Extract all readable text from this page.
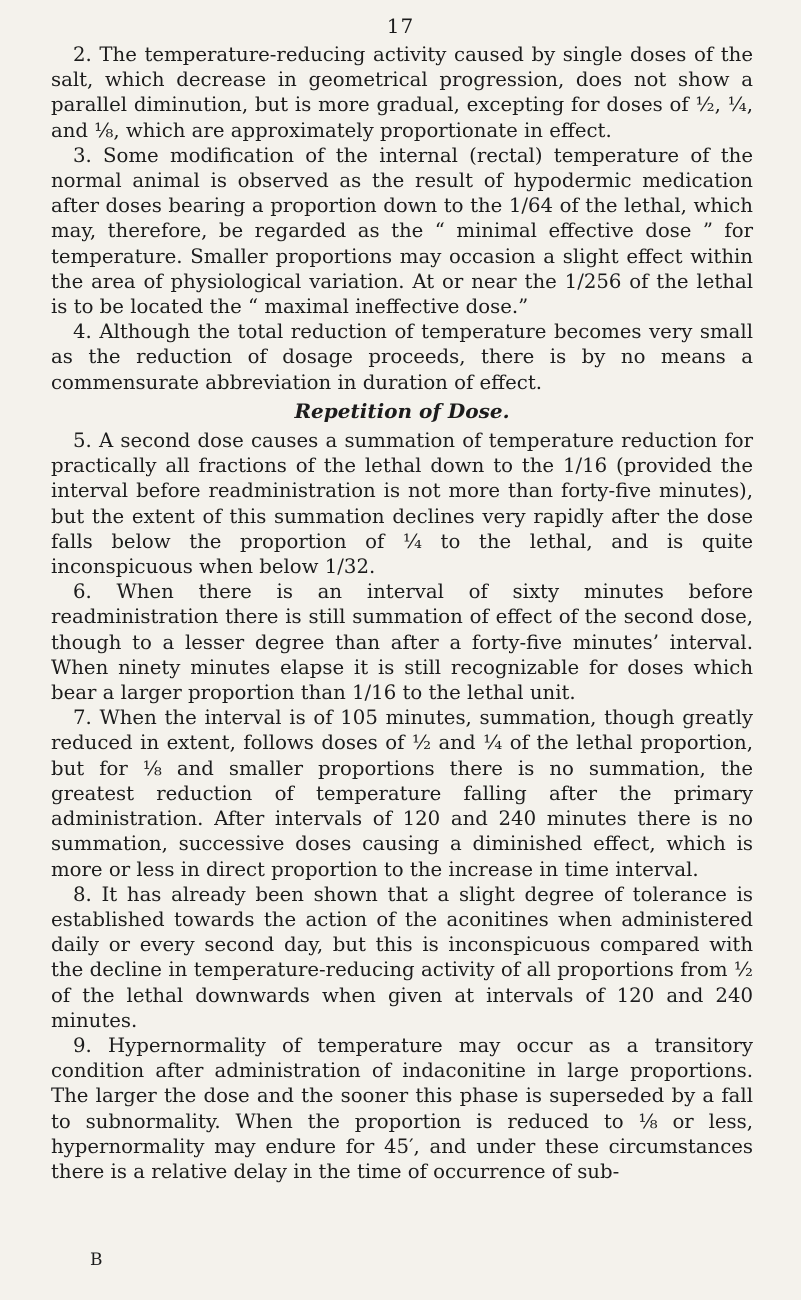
17

2. The temperature-reducing activity caused by single doses of the salt, which decrease in geometrical progression, does not show a parallel diminution, but is more gradual, excepting for doses of ½, ¼, and ⅛, which are approximately proportionate in effect.

3. Some modification of the internal (rectal) temperature of the normal animal is observed as the result of hypodermic medication after doses bearing a proportion down to the 1/64 of the lethal, which may, therefore, be regarded as the “ minimal effective dose ” for temperature. Smaller proportions may occasion a slight effect within the area of physiological variation. At or near the 1/256 of the lethal is to be located the “ maximal ineffective dose.”

4. Although the total reduction of temperature becomes very small as the reduction of dosage proceeds, there is by no means a commensurate abbreviation in duration of effect.

Repetition of Dose.

5. A second dose causes a summation of temperature reduction for practically all fractions of the lethal down to the 1/16 (provided the interval before readministration is not more than forty-five minutes), but the extent of this summation declines very rapidly after the dose falls below the proportion of ¼ to the lethal, and is quite inconspicuous when below 1/32.

6. When there is an interval of sixty minutes before readministration there is still summation of effect of the second dose, though to a lesser degree than after a forty-five minutes’ interval. When ninety minutes elapse it is still recognizable for doses which bear a larger proportion than 1/16 to the lethal unit.

7. When the interval is of 105 minutes, summation, though greatly reduced in extent, follows doses of ½ and ¼ of the lethal proportion, but for ⅛ and smaller proportions there is no summation, the greatest reduction of temperature falling after the primary administration. After intervals of 120 and 240 minutes there is no summation, successive doses causing a diminished effect, which is more or less in direct proportion to the increase in time interval.

8. It has already been shown that a slight degree of tolerance is established towards the action of the aconitines when administered daily or every second day, but this is inconspicuous compared with the decline in temperature-reducing activity of all proportions from ½ of the lethal downwards when given at intervals of 120 and 240 minutes.

9. Hypernormality of temperature may occur as a transitory condition after administration of indaconitine in large proportions. The larger the dose and the sooner this phase is superseded by a fall to subnormality. When the proportion is reduced to ⅛ or less, hypernormality may endure for 45′, and under these circumstances there is a relative delay in the time of occurrence of sub-

B
